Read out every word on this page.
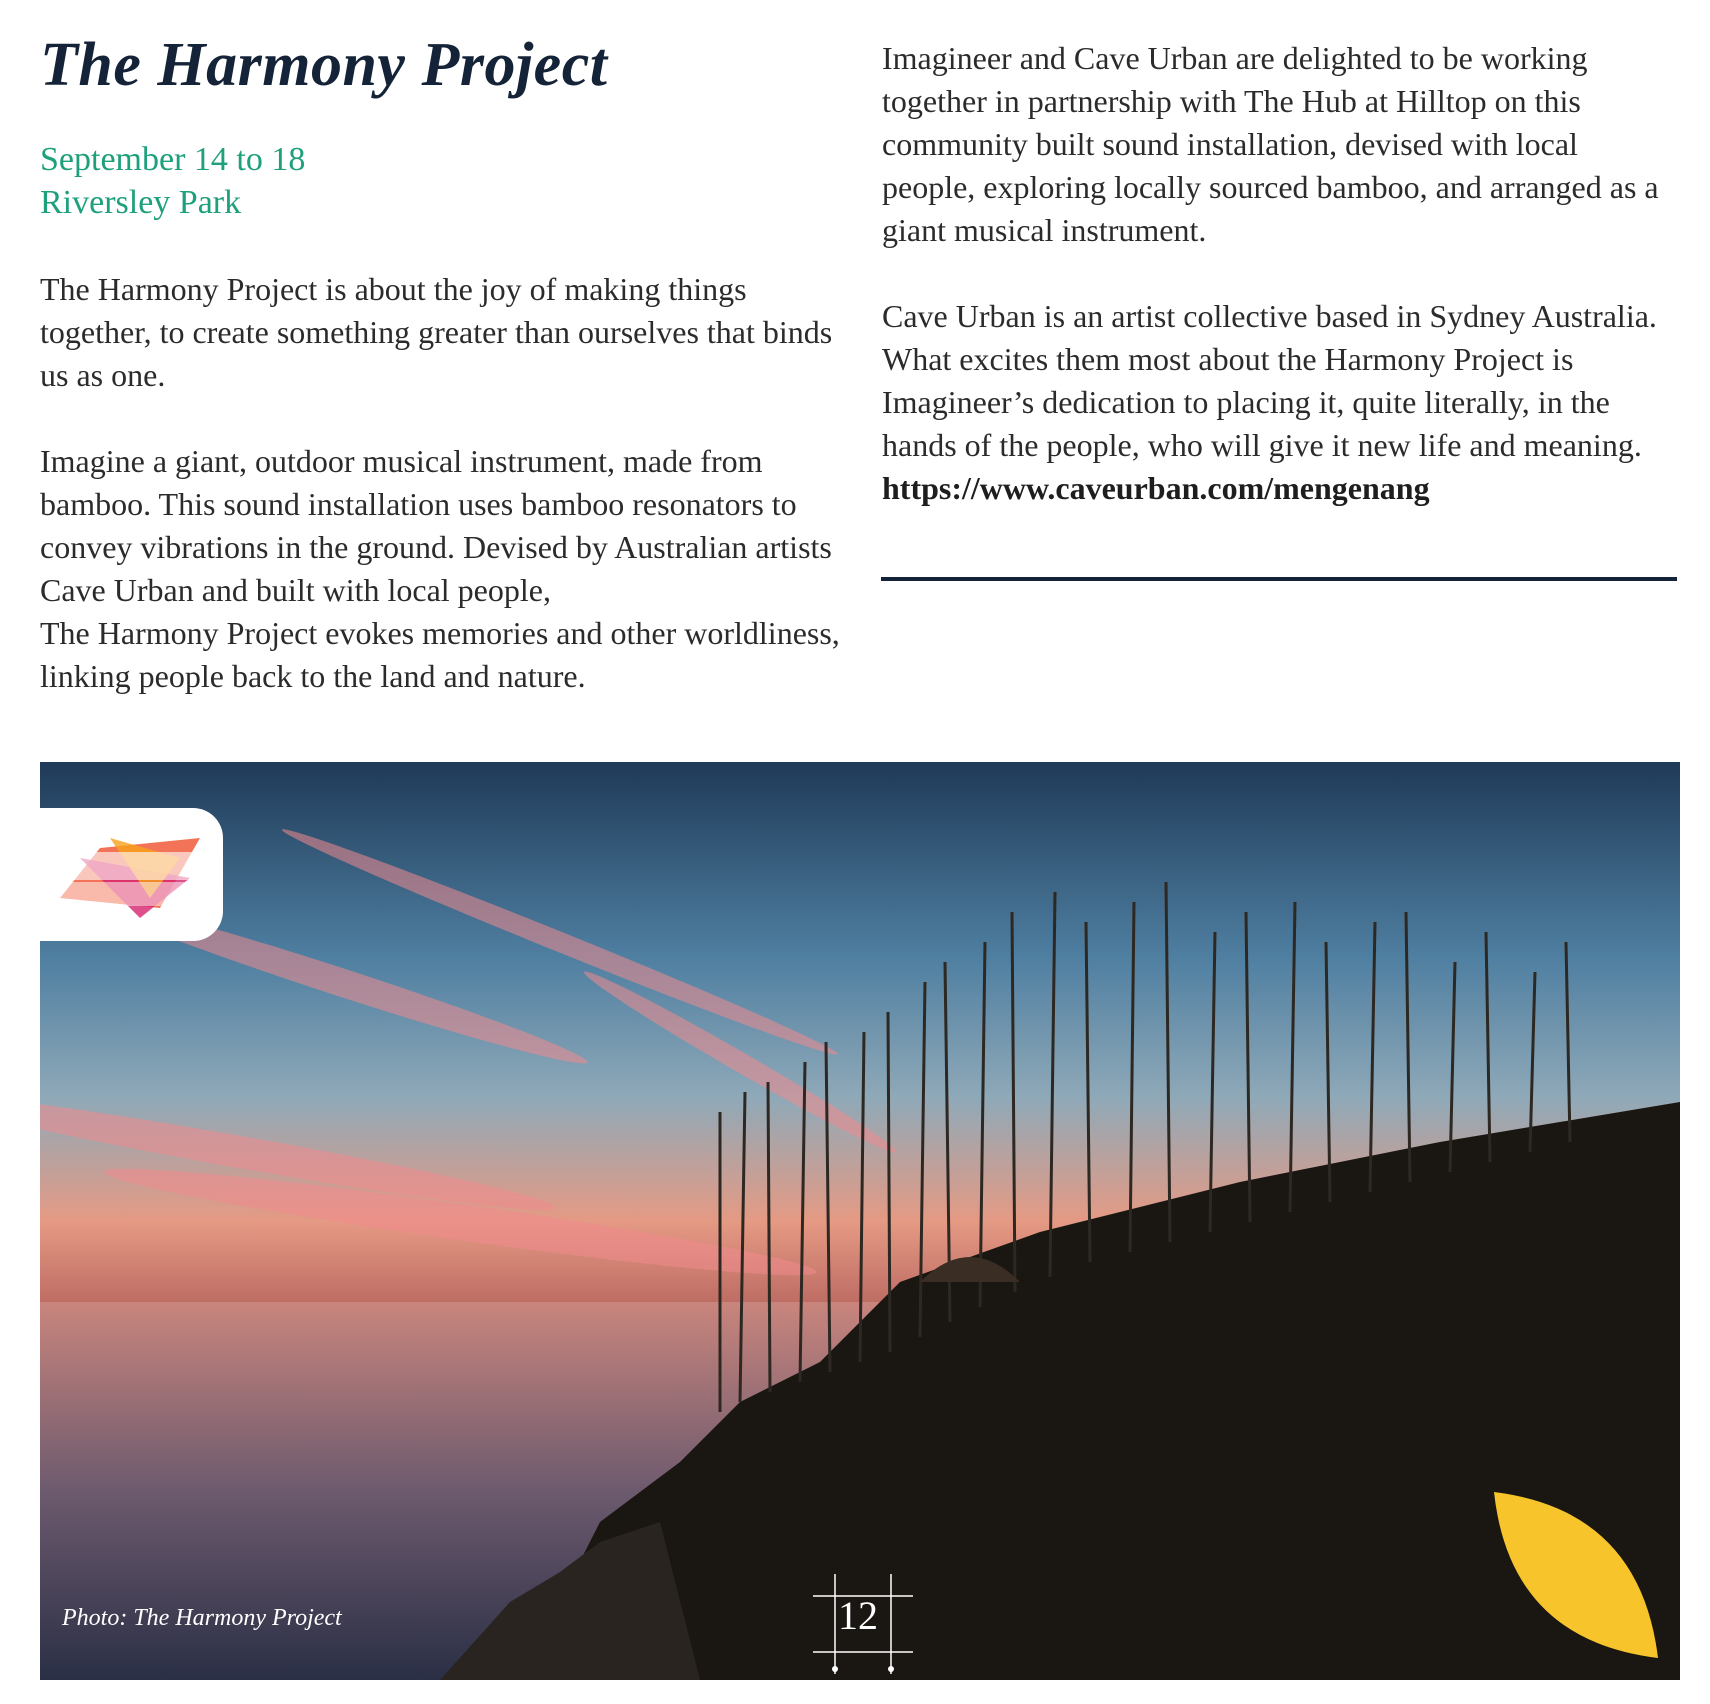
The Harmony Project
September 14 to 18
Riversley Park

The Harmony Project is about the joy of making things together, to create something greater than ourselves that binds us as one.

Imagine a giant, outdoor musical instrument, made from bamboo. This sound installation uses bamboo resonators to convey vibrations in the ground. Devised by Australian artists Cave Urban and built with local people,
The Harmony Project evokes memories and other worldliness, linking people back to the land and nature.

Imagineer and Cave Urban are delighted to be working together in partnership with The Hub at Hilltop on this community built sound installation, devised with local people, exploring locally sourced bamboo, and arranged as a giant musical instrument.

Cave Urban is an artist collective based in Sydney Australia. What excites them most about the Harmony Project is Imagineer’s dedication to placing it, quite literally, in the hands of the people, who will give it new life and meaning.

https://www.caveurban.com/mengenang

Photo: The Harmony Project	12
